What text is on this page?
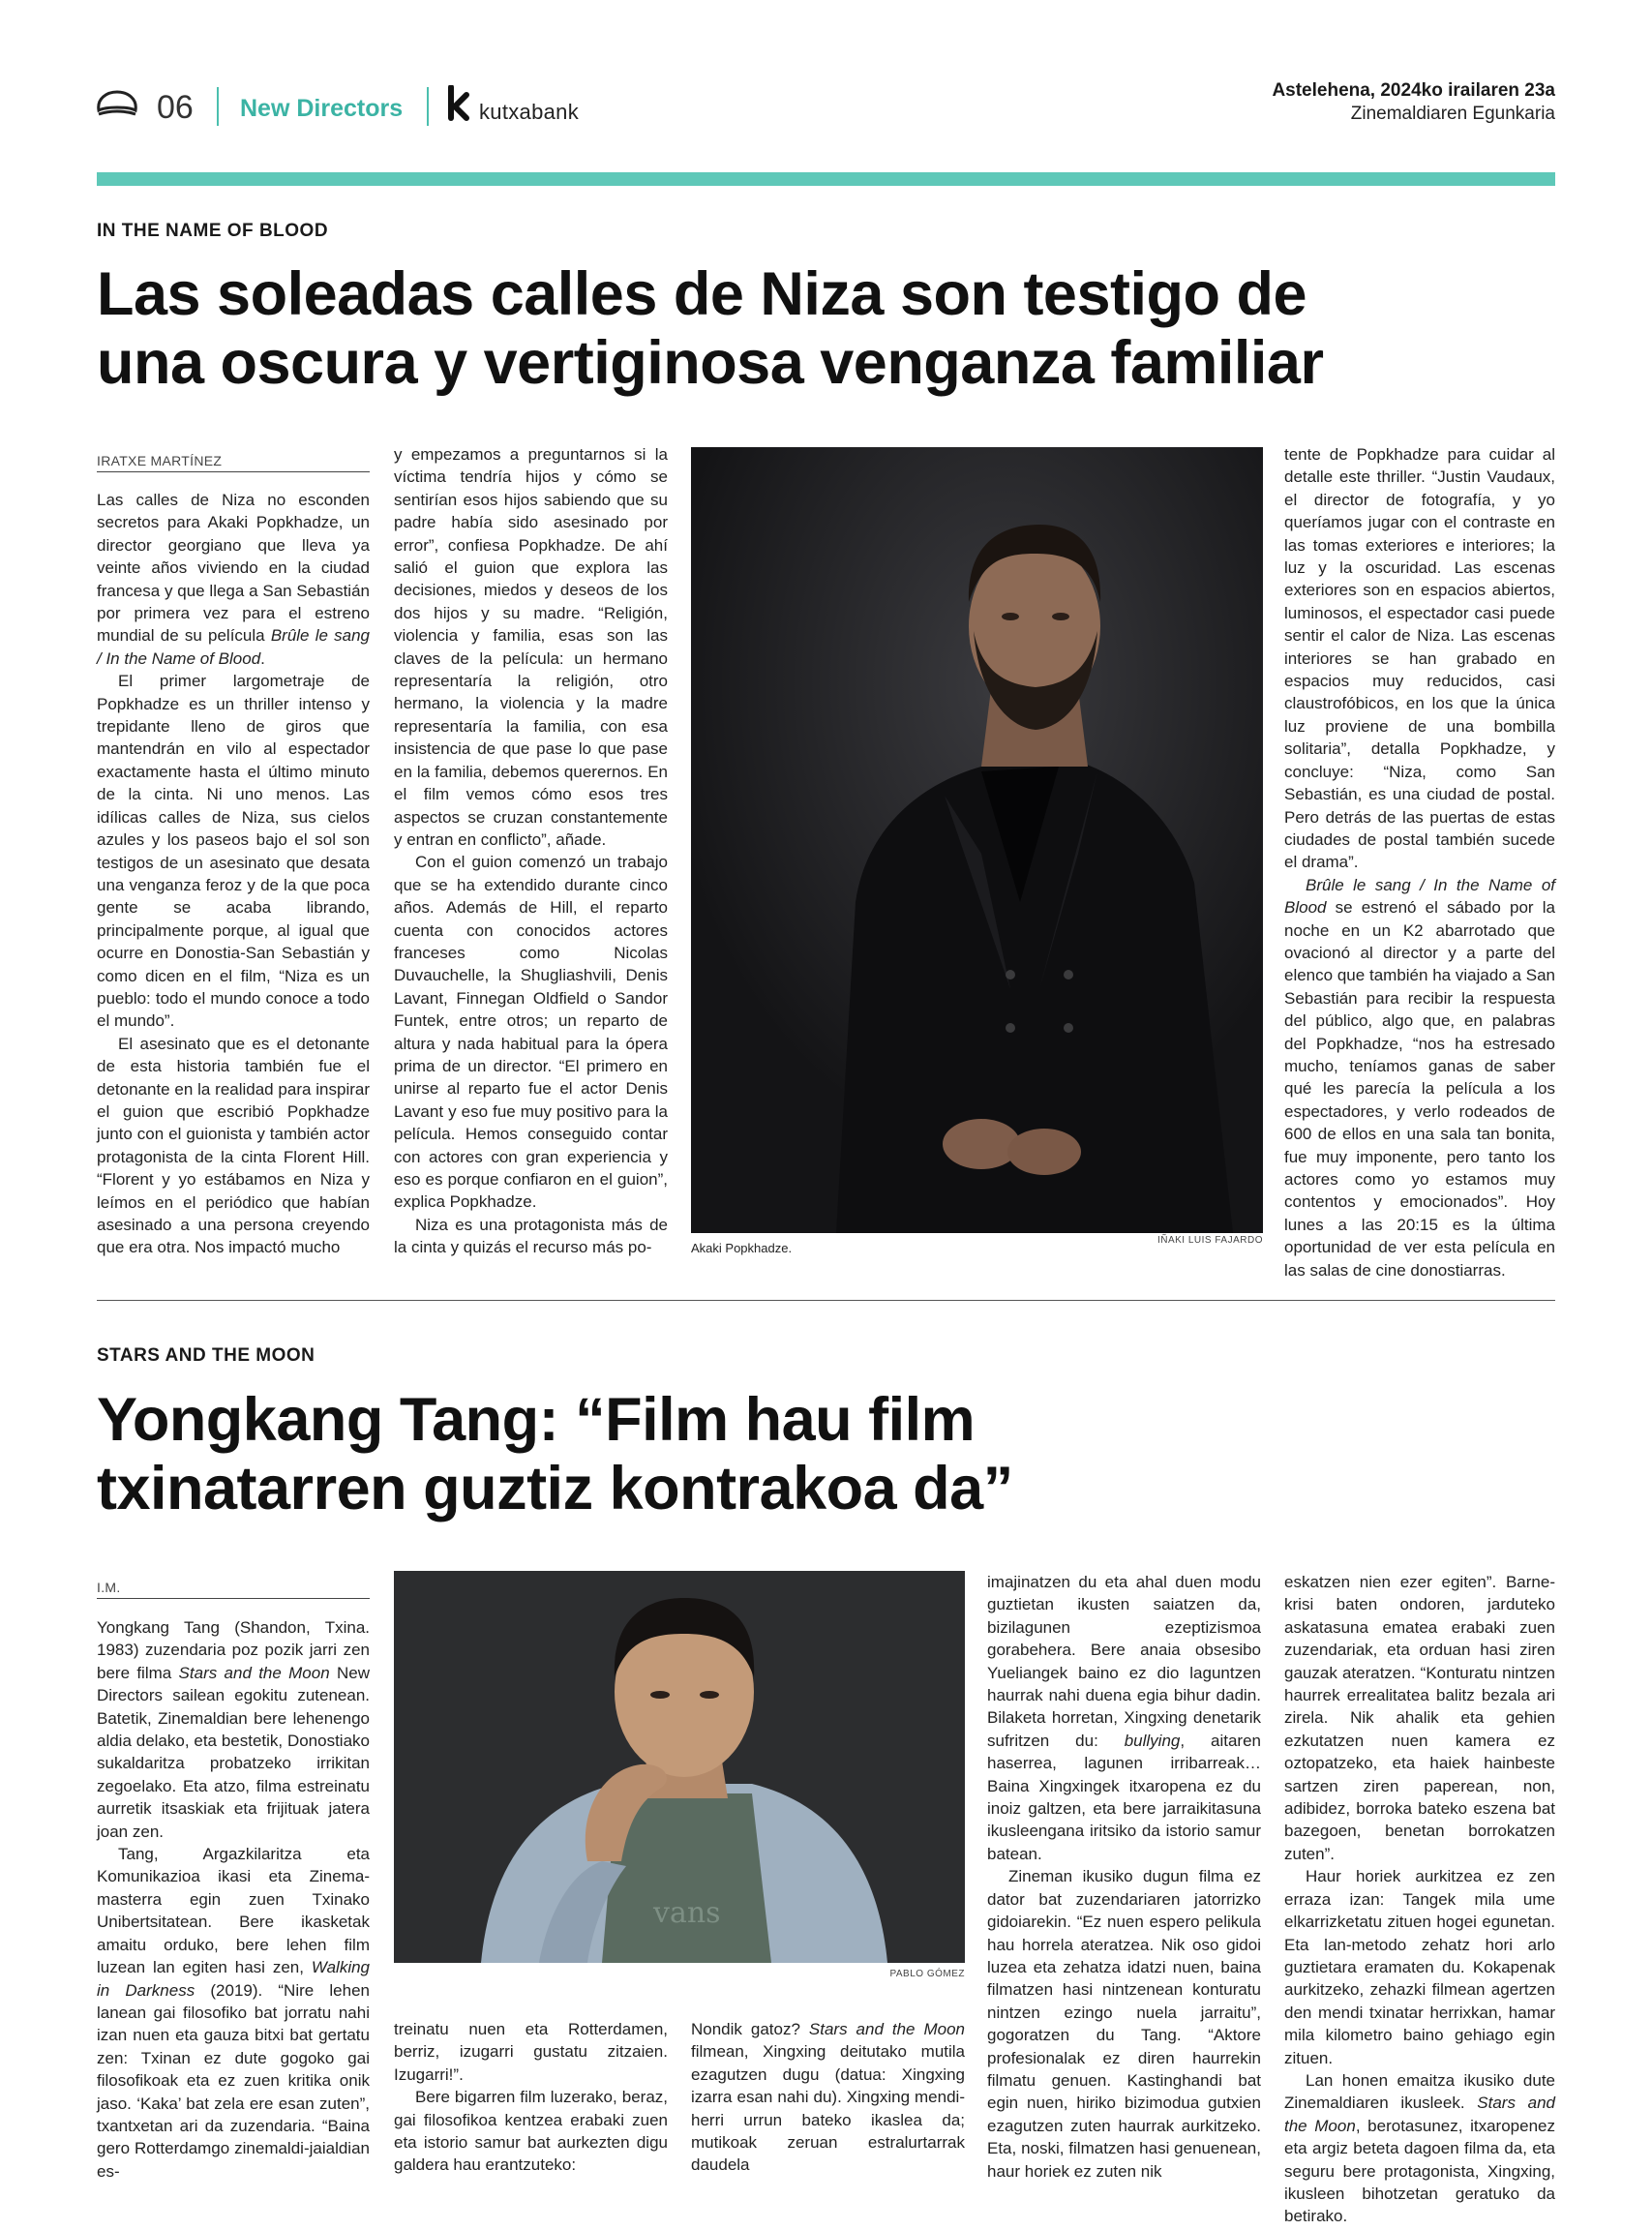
06 New Directors	kutxabank
Astelehena, 2024ko irailaren 23a
Zinemaldiaren Egunkaria
IN THE NAME OF BLOOD
Las soleadas calles de Niza son testigo de
una oscura y vertiginosa venganza familiar
IRATXE MARTÍNEZ

Las calles de Niza no esconden secretos para Akaki Popkhadze, un director georgiano que lleva ya veinte años viviendo en la ciudad francesa y que llega a San Sebastián por primera vez para el estreno mundial de su película Brûle le sang / In the Name of Blood.

El primer largometraje de Popkhadze es un thriller intenso y trepidante lleno de giros que mantendrán en vilo al espectador exactamente hasta el último minuto de la cinta. Ni uno menos. Las idílicas calles de Niza, sus cielos azules y los paseos bajo el sol son testigos de un asesinato que desata una venganza feroz y de la que poca gente se acaba librando, principalmente porque, al igual que ocurre en Donostia-San Sebastián y como dicen en el film, “Niza es un pueblo: todo el mundo conoce a todo el mundo”.

El asesinato que es el detonante de esta historia también fue el detonante en la realidad para inspirar el guion que escribió Popkhadze junto con el guionista y también actor protagonista de la cinta Florent Hill. “Florent y yo estábamos en Niza y leímos en el periódico que habían asesinado a una persona creyendo que era otra. Nos impactó mucho

y empezamos a preguntarnos si la víctima tendría hijos y cómo se sentirían esos hijos sabiendo que su padre había sido asesinado por error”, confiesa Popkhadze. De ahí salió el guion que explora las decisiones, miedos y deseos de los dos hijos y su madre. “Religión, violencia y familia, esas son las claves de la película: un hermano representaría la religión, otro hermano, la violencia y la madre representaría la familia, con esa insistencia de que pase lo que pase en la familia, debemos querernos. En el film vemos cómo esos tres aspectos se cruzan constantemente y entran en conflicto”, añade.

Con el guion comenzó un trabajo que se ha extendido durante cinco años. Además de Hill, el reparto cuenta con conocidos actores franceses como Nicolas Duvauchelle, la Shugliashvili, Denis Lavant, Finnegan Oldfield o Sandor Funtek, entre otros; un reparto de altura y nada habitual para la ópera prima de un director. “El primero en unirse al reparto fue el actor Denis Lavant y eso fue muy positivo para la película. Hemos conseguido contar con actores con gran experiencia y eso es porque confiaron en el guion”, explica Popkhadze.

Niza es una protagonista más de la cinta y quizás el recurso más po-	Akaki Popkhadze.
IÑAKI LUIS FAJARDO

tente de Popkhadze para cuidar al detalle este thriller. “Justin Vaudaux, el director de fotografía, y yo queríamos jugar con el contraste en las tomas exteriores e interiores; la luz y la oscuridad. Las escenas exteriores son en espacios abiertos, luminosos, el espectador casi puede sentir el calor de Niza. Las escenas interiores se han grabado en espacios muy reducidos, casi claustrofóbicos, en los que la única luz proviene de una bombilla solitaria”, detalla Popkhadze, y concluye: “Niza, como San Sebastián, es una ciudad de postal. Pero detrás de las puertas de estas ciudades de postal también sucede el drama”.

Brûle le sang / In the Name of Blood se estrenó el sábado por la noche en un K2 abarrotado que ovacionó al director y a parte del elenco que también ha viajado a San Sebastián para recibir la respuesta del público, algo que, en palabras del Popkhadze, “nos ha estresado mucho, teníamos ganas de saber qué les parecía la película a los espectadores, y verlo rodeados de 600 de ellos en una sala tan bonita, fue muy imponente, pero tanto los actores como yo estamos muy contentos y emocionados”. Hoy lunes a las 20:15 es la última oportunidad de ver esta película en las salas de cine donostiarras.

STARS AND THE MOON
Yongkang Tang: “Film hau film
txinatarren guztiz kontrakoa da”
I.M.

Yongkang Tang (Shandon, Txina. 1983) zuzendaria poz pozik jarri zen bere filma Stars and the Moon New Directors sailean egokitu zutenean. Batetik, Zinemaldian bere lehenengo aldia delako, eta bestetik, Donostiako sukaldaritza probatzeko irrikitan zegoelako. Eta atzo, filma estreinatu aurretik itsaskiak eta frijituak jatera joan zen.

Tang, Argazkilaritza eta Komunikazioa ikasi eta Zinema-masterra egin zuen Txinako Unibertsitatean. Bere ikasketak amaitu orduko, bere lehen film luzean lan egiten hasi zen, Walking in Darkness (2019). “Nire lehen lanean gai filosofiko bat jorratu nahi izan nuen eta gauza bitxi bat gertatu zen: Txinan ez dute gogoko gai filosofikoak eta ez zuen kritika onik jaso. ‘Kaka’ bat zela ere esan zuten”, txantxetan ari da zuzendaria. “Baina gero Rotterdamgo zinemaldi-jaialdian es-

vans
PABLO GÓMEZ

treinatu nuen eta Rotterdamen, berriz, izugarri gustatu zitzaien. Izugarri!”.

Bere bigarren film luzerako, beraz, gai filosofikoa kentzea erabaki zuen eta istorio samur bat aurkezten digu galdera hau erantzuteko:

Nondik gatoz? Stars and the Moon filmean, Xingxing deitutako mutila ezagutzen dugu (datua: Xingxing izarra esan nahi du). Xingxing mendi-herri urrun bateko ikaslea da; mutikoak zeruan estralurtarrak daudela

imajinatzen du eta ahal duen modu guztietan ikusten saiatzen da, bizilagunen ezeptizismoa gorabehera. Bere anaia obsesibo Yueliangek baino ez dio laguntzen haurrak nahi duena egia bihur dadin. Bilaketa horretan, Xingxing denetarik sufritzen du: bullying, aitaren haserrea, lagunen irribarreak… Baina Xingxingek itxaropena ez du inoiz galtzen, eta bere jarraikitasuna ikusleengana iritsiko da istorio samur batean.

Zineman ikusiko dugun filma ez dator bat zuzendariaren jatorrizko gidoiarekin. “Ez nuen espero pelikula hau horrela ateratzea. Nik oso gidoi luzea eta zehatza idatzi nuen, baina filmatzen hasi nintzenean konturatu nintzen ezingo nuela jarraitu”, gogoratzen du Tang. “Aktore profesionalak ez diren haurrekin filmatu genuen. Kastinghandi bat egin nuen, hiriko bizimodua gutxien ezagutzen zuten haurrak aurkitzeko. Eta, noski, filmatzen hasi genuenean, haur horiek ez zuten nik

eskatzen nien ezer egiten”. Barne-krisi baten ondoren, jarduteko askatasuna ematea erabaki zuen zuzendariak, eta orduan hasi ziren gauzak ateratzen. “Konturatu nintzen haurrek errealitatea balitz bezala ari zirela. Nik ahalik eta gehien ezkutatzen nuen kamera ez oztopatzeko, eta haiek hainbeste sartzen ziren paperean, non, adibidez, borroka bateko eszena bat bazegoen, benetan borrokatzen zuten”.

Haur horiek aurkitzea ez zen erraza izan: Tangek mila ume elkarrizketatu zituen hogei egunetan. Eta lan-metodo zehatz hori arlo guztietara eramaten du. Kokapenak aurkitzeko, zehazki filmean agertzen den mendi txinatar herrixkan, hamar mila kilometro baino gehiago egin zituen.

Lan honen emaitza ikusiko dute Zinemaldiaren ikusleek. Stars and the Moon, berotasunez, itxaropenez eta argiz beteta dagoen filma da, eta seguru bere protagonista, Xingxing, ikusleen bihotzetan geratuko da betirako.
